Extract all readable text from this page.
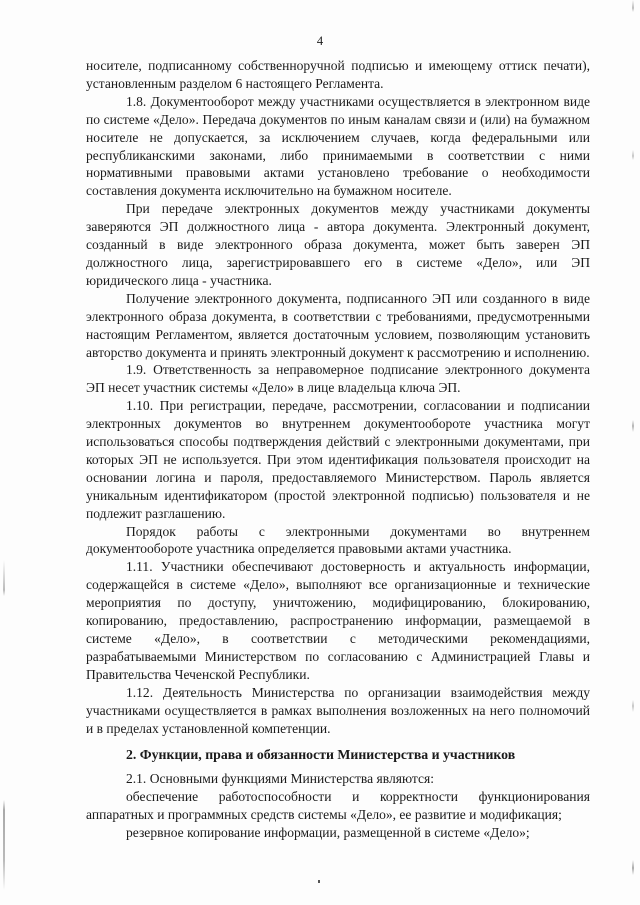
4

носителе, подписанному собственноручной подписью и имеющему оттиск печати), установленным разделом 6 настоящего Регламента.

1.8. Документооборот между участниками осуществляется в электронном виде по системе «Дело». Передача документов по иным каналам связи и (или) на бумажном носителе не допускается, за исключением случаев, когда федеральными или республиканскими законами, либо принимаемыми в соответствии с ними нормативными правовыми актами установлено требование о необходимости составления документа исключительно на бумажном носителе.

При передаче электронных документов между участниками документы заверяются ЭП должностного лица - автора документа. Электронный документ, созданный в виде электронного образа документа, может быть заверен ЭП должностного лица, зарегистрировавшего его в системе «Дело», или ЭП юридического лица - участника.

Получение электронного документа, подписанного ЭП или созданного в виде электронного образа документа, в соответствии с требованиями, предусмотренными настоящим Регламентом, является достаточным условием, позволяющим установить авторство документа и принять электронный документ к рассмотрению и исполнению.

1.9. Ответственность за неправомерное подписание электронного документа ЭП несет участник системы «Дело» в лице владельца ключа ЭП.

1.10. При регистрации, передаче, рассмотрении, согласовании и подписании электронных документов во внутреннем документообороте участника могут использоваться способы подтверждения действий с электронными документами, при которых ЭП не используется. При этом идентификация пользователя происходит на основании логина и пароля, предоставляемого Министерством. Пароль является уникальным идентификатором (простой электронной подписью) пользователя и не подлежит разглашению.

Порядок работы с электронными документами во внутреннем документообороте участника определяется правовыми актами участника.

1.11. Участники обеспечивают достоверность и актуальность информации, содержащейся в системе «Дело», выполняют все организационные и технические мероприятия по доступу, уничтожению, модифицированию, блокированию, копированию, предоставлению, распространению информации, размещаемой в системе «Дело», в соответствии с методическими рекомендациями, разрабатываемыми Министерством по согласованию с Администрацией Главы и Правительства Чеченской Республики.

1.12. Деятельность Министерства по организации взаимодействия между участниками осуществляется в рамках выполнения возложенных на него полномочий и в пределах установленной компетенции.

2. Функции, права и обязанности Министерства и участников

2.1. Основными функциями Министерства являются:

обеспечение работоспособности и корректности функционирования аппаратных и программных средств системы «Дело», ее развитие и модификация;

резервное копирование информации, размещенной в системе «Дело»;
